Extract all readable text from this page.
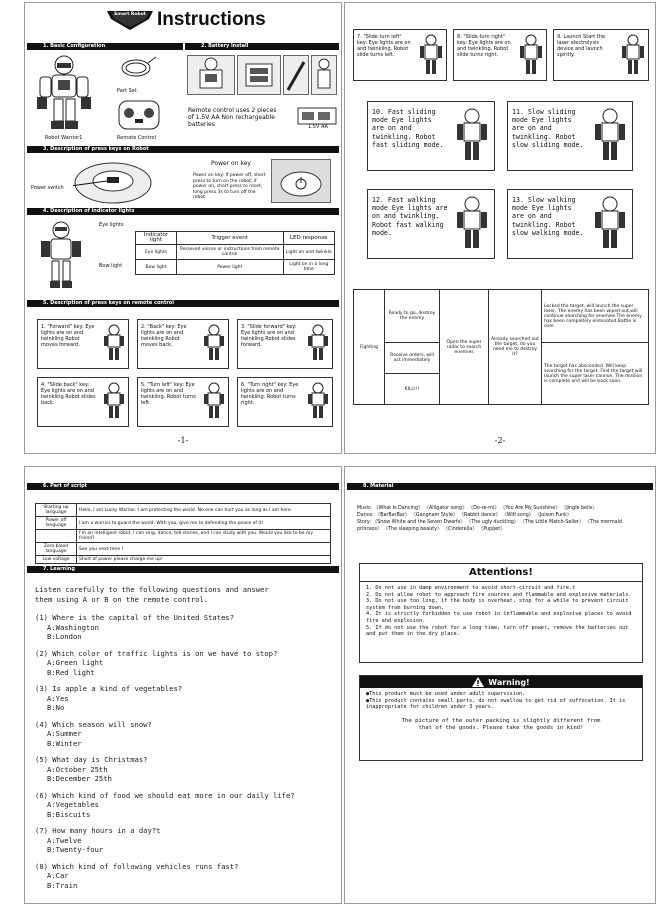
Smart Robot Instructions
1. Basic Configuration	2. Battery install
Robot Warrior1
Part Set
Remote Control
Remote control uses 2 pieces of 1.5V AA Non rechargeable batteries	1.5V AA
3. Description of press keys on Robot
Power switch
Power on key
Power on key: If power off, short press to turn on the robot; if power on, short press to reset, long press 3s to turn off the robot.
4. Description of indicator lights
Eye lights
Bow light
Indicator light	Trigger event	LED response
Eye lights	Received voices or instructions from remote control	Light on and twinkle
Bow light	Power light	Light on in a long time
5. Description of press keys on remote control
1. "Forward" key: Eye lights are on and twinkling Robot moves forward.
2. "Back" key: Eye lights are on and twinkling Robot moves back.
3. "Slide forward" key: Eye lights are on and twinkling Robot slides forward.
4. "Slide back" key: Eye lights are on and twinkling Robot slides back.
5. "Turn left" key: Eye lights are on and twinkling. Robot turns left.
6. "Turn right" key: Eye lights are on and twinkling. Robot turns right.
-1-
7. "Slide turn left" key: Eye lights are on and twinkling. Robot slide turns left.
8. "Slide turn right" key: Eye lights are on and twinkling. Robot slide turns right.
9. Launch Start the laser electrolysis device and launch spiritly.
10. Fast sliding mode Eye lights are on and twinkling. Robot fast sliding mode.
11. Slow sliding mode Eye lights are on and twinkling. Robot slow sliding mode.
12. Fast walking mode Eye lights are on and twinkling. Robot fast walking mode.
13. Slow walking mode Eye lights are on and twinkling. Robot slow walking mode.
Fighting	Ready to go, destroy the enemy	Open the super radar to search enemies	Already searched out the target, do you need me to destroy it?	Locked the target, will launch the super laser, The enemy has been wiped out,will continue searching for enemies.The enemy has been completely eliminated.Battle is over.
	Receive orders, will act immediately			The target has absconded. Will keep searching for the target. Find the target will launch the super laser cannon. The mission is complete and will be back soon.
	KILL!!!			
-2-
6. Part of script
Starting up language	Hello, I am Lucky Warrior. I am protecting the world. No one can hurt you as long as I am here.
Power off language	I am a warrior to guard the world. With you, give me to defending the peace of it!
	I'm an intelligent robot. I can sing, dance, tell stories, and I can study with you. Would you like to be my friend?
Zero blood language	See you next time !
Low voltage	Short of power please charge me up!
7. Learning
Listen carefully to the following questions and answer them using A or B on the remote control.
(1) Where is the capital of the United States?
A:Washington
B:London
(2) Which color of traffic lights is on we have to stop?
A:Green light
B:Red light
(3) Is apple a kind of vegetables?
A:Yes
B:No
(4) Which season will snow?
A:Summer
B:Winter
(5) What day is Christmas?
A:October 25th
B:December 25th
(6) Which kind of food we should eat more in our daily life?
A:Vegetables
B:Biscuits
(7) How many hours in a day?t
A:Twelve
B:Twenty-four
(8) Which kind of following vehicles runs fast?
A:Car
B:Train
8. Material
Music: 《What Is Dancing》 《Alligator song》 《Do-re-mi》 《You Are My Sunshine》 《Jingle bells》
Dance: 《BarBarBar》 《Gangnam Style》 《Rabbit dance》 《Wifi song》 《Joison Funk》
Story: 《Snow White and the Seven Dwarfs》 《The ugly duckling》 《The Little Match-Seller》 《The mermaid princess》 《The sleeping beauty》 《Cinderella》 《Puppet》
Attentions!
1. Do not use in damp environment to avoid short-circuit and fire.t
2. Do not allow robot to approach fire sources and flammable and explosive materials.
3. Do not use too long, if the body is overheat, stop for a while to prevent circuit system from burning down.
4. It is strictly forbidden to use robot in inflammable and explosive places to avoid fire and explosion.
5. If do not use the robot for a long time, turn off power, remove the batteries out and put them in the dry place.
Warning!
●This product must be used under adult supervision.
●This product contains small parts, do not swallow to get rid of suffocation. It is inappropriate for children under 3 years.
The picture of the outer packing is slightly different from that of the goods. Please take the goods in kind!
